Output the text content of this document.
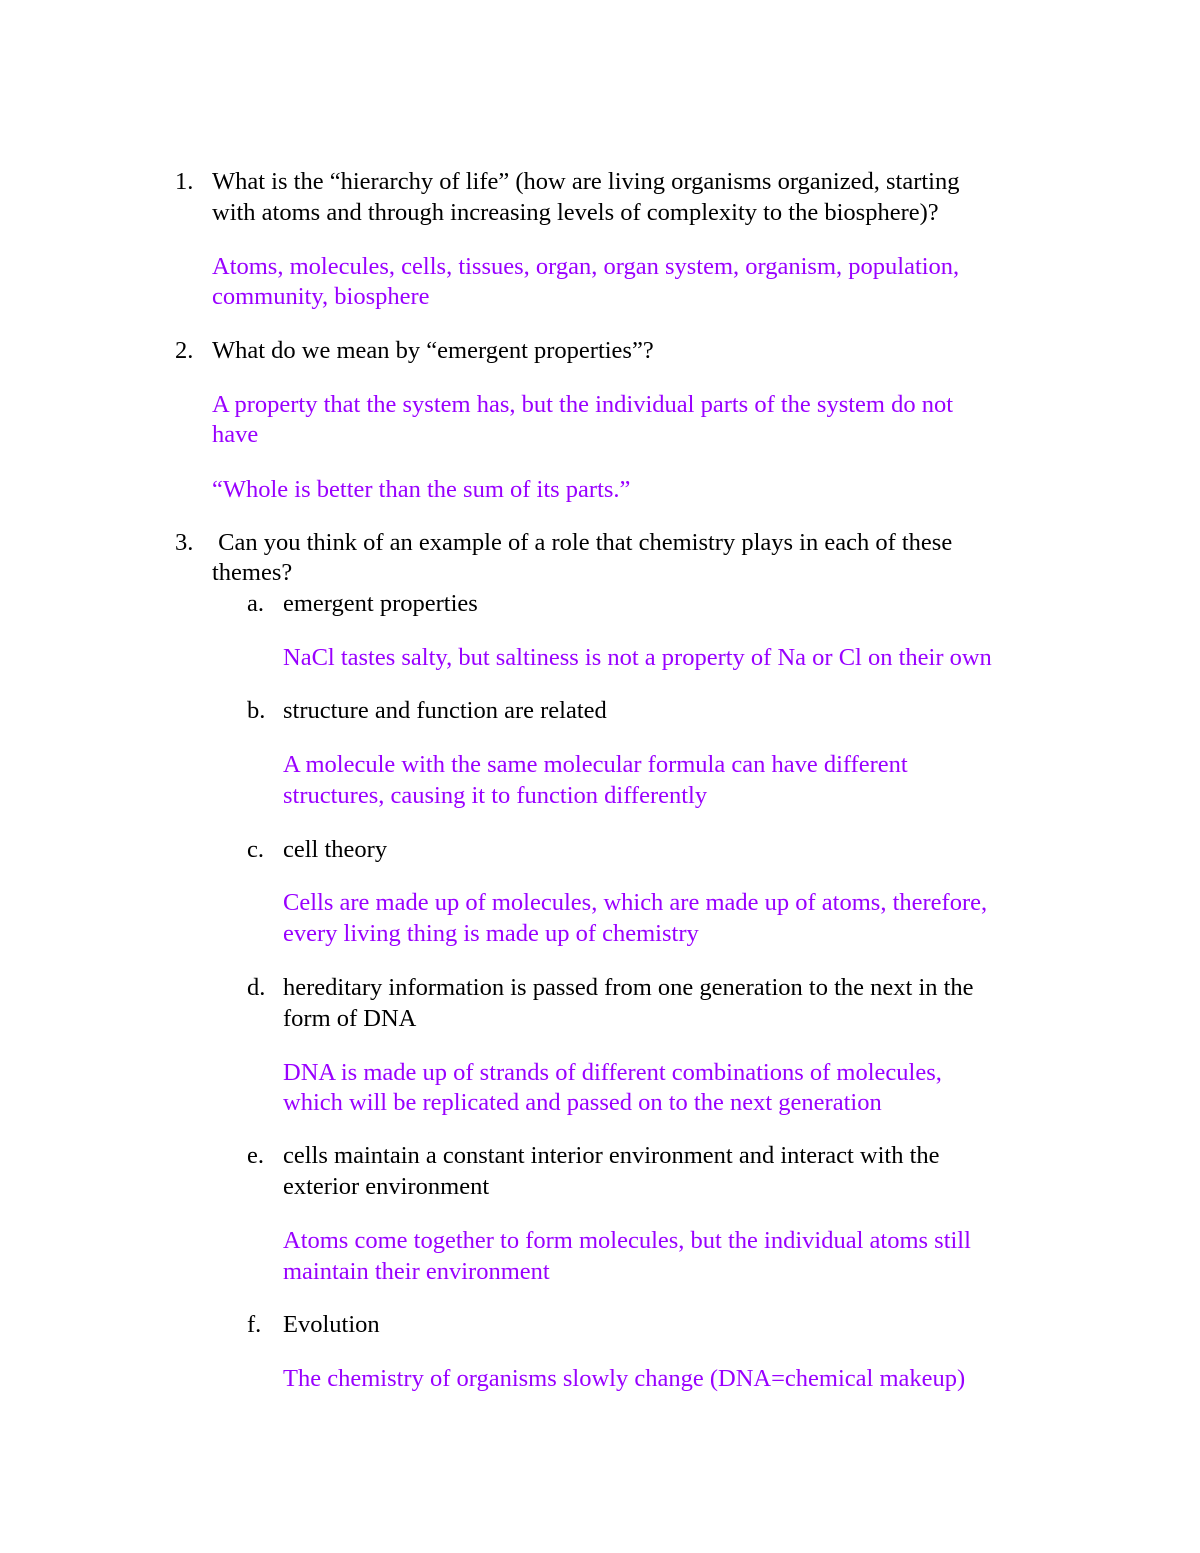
1. What is the “hierarchy of life” (how are living organisms organized, starting
with atoms and through increasing levels of complexity to the biosphere)?
Atoms, molecules, cells, tissues, organ, organ system, organism, population,
community, biosphere
2. What do we mean by “emergent properties”?
A property that the system has, but the individual parts of the system do not
have
“Whole is better than the sum of its parts.”
3. Can you think of an example of a role that chemistry plays in each of these
themes?
a. emergent properties
NaCl tastes salty, but saltiness is not a property of Na or Cl on their own
b. structure and function are related
A molecule with the same molecular formula can have different
structures, causing it to function differently
c. cell theory
Cells are made up of molecules, which are made up of atoms, therefore,
every living thing is made up of chemistry
d. hereditary information is passed from one generation to the next in the
form of DNA
DNA is made up of strands of different combinations of molecules,
which will be replicated and passed on to the next generation
e. cells maintain a constant interior environment and interact with the
exterior environment
Atoms come together to form molecules, but the individual atoms still
maintain their environment
f. Evolution
The chemistry of organisms slowly change (DNA=chemical makeup)
